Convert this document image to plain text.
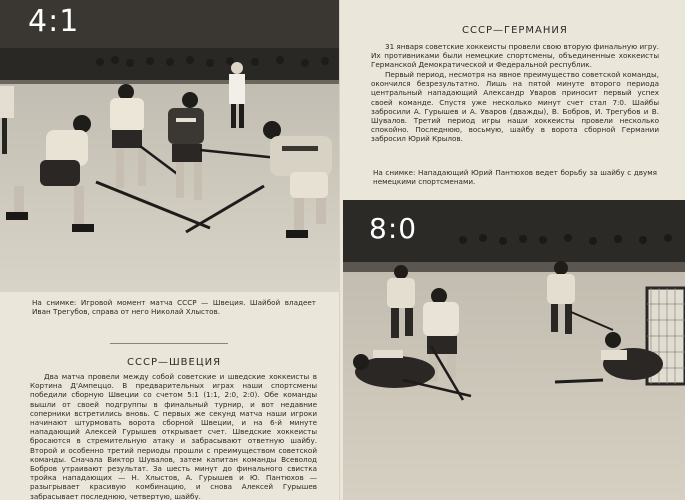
4:1
На снимке: Игровой момент матча СССР — Швеция. Шайбой владеет Иван Трегубов, справа от него Николай Хлыстов.
СССР—ШВЕЦИЯ

Два матча провели между собой советские и шведские хоккеисты в Кортина Д'Ампеццо. В предварительных играх наши спортсмены победили сборную Швеции со счетом 5:1 (1:1, 2:0, 2:0). Обе команды вышли от своей подгруппы в финальный турнир, и вот недавние соперники встретились вновь. С первых же секунд матча наши игроки начинают штурмовать ворота сборной Швеции, и на 6-й минуте нападающий Алексей Гурышев открывает счет. Шведские хоккеисты бросаются в стремительную атаку и забрасывают ответную шайбу. Второй и особенно третий периоды прошли с преимуществом советской команды. Сначала Виктор Шувалов, затем капитан команды Всеволод Бобров утраивают результат. За шесть минут до финального свистка тройка нападающих — Н. Хлыстов, А. Гурышев и Ю. Пантюхов — разыгрывает красивую комбинацию, и снова Алексей Гурышев забрасывает последнюю, четвертую, шайбу.

СССР—ГЕРМАНИЯ

31 января советские хоккеисты провели свою вторую финальную игру. Их противниками были немецкие спортсмены, объединенные хоккеисты Германской Демократической и Федеральной республик.

Первый период, несмотря на явное преимущество советской команды, окончился безрезультатно. Лишь на пятой минуте второго периода центральный нападающий Александр Уваров приносит первый успех своей команде. Спустя уже несколько минут счет стал 7:0. Шайбы забросили А. Гурышев и А. Уваров (дважды), В. Бобров, И. Трегубов и В. Шувалов. Третий период игры наши хоккеисты провели несколько спокойно. Последнюю, восьмую, шайбу в ворота сборной Германии забросил Юрий Крылов.

На снимке: Нападающий Юрий Пантюхов ведет борьбу за шайбу с двумя немецкими спортсменами.
8:0
